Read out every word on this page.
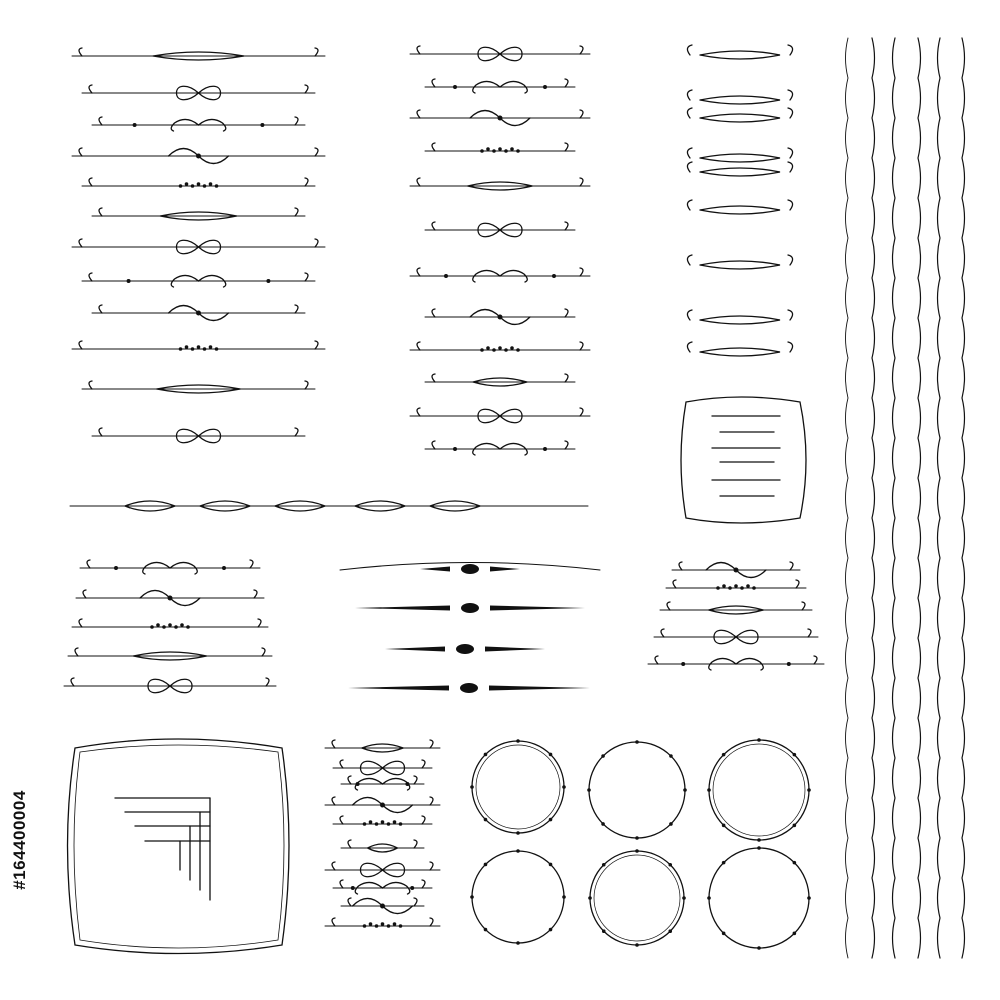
#164400004
